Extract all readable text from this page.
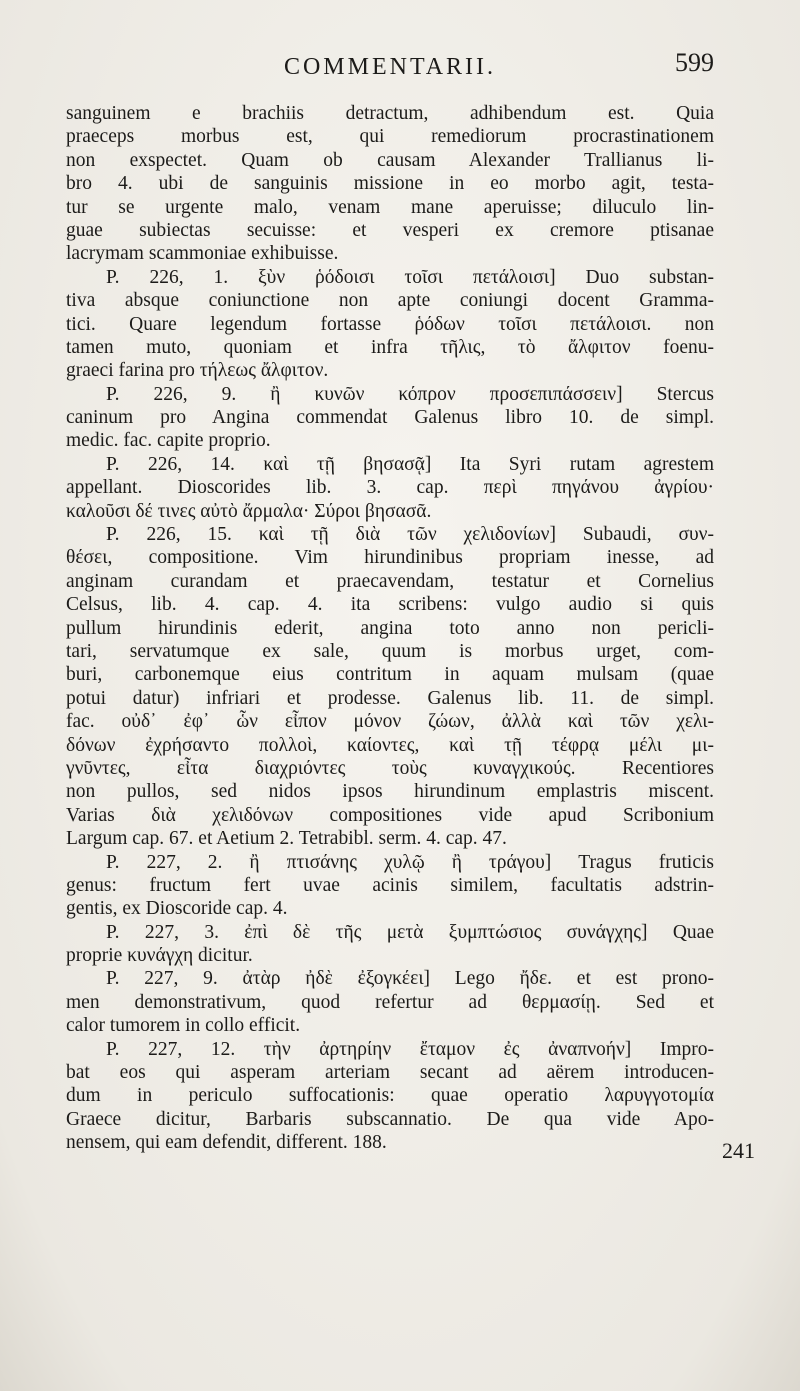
COMMENTARII.	599
sanguinem e brachiis detractum, adhibendum est. Quia
praeceps morbus est, qui remediorum procrastinationem
non exspectet. Quam ob causam Alexander Trallianus li-
bro 4. ubi de sanguinis missione in eo morbo agit, testa-
tur se urgente malo, venam mane aperuisse; diluculo lin-
guae subiectas secuisse: et vesperi ex cremore ptisanae
lacrymam scammoniae exhibuisse.
P. 226, 1. ξὺν ῥόδοισι τοῖσι πετάλοισι] Duo substan-
tiva absque coniunctione non apte coniungi docent Gramma-
tici. Quare legendum fortasse ῥόδων τοῖσι πετάλοισι. non
tamen muto, quoniam et infra τῆλις, τὸ ἄλφιτον foenu-
graeci farina pro τήλεως ἄλφιτον.
P. 226, 9. ἢ κυνῶν κόπρον προσεπιπάσσειν] Stercus
caninum pro Angina commendat Galenus libro 10. de simpl.
medic. fac. capite proprio.
P. 226, 14. καὶ τῇ βησασᾷ] Ita Syri rutam agrestem
appellant. Dioscorides lib. 3. cap. περὶ πηγάνου ἀγρίου·
καλοῦσι δέ τινες αὐτὸ ἄρμαλα· Σύροι βησασᾶ.
P. 226, 15. καὶ τῇ διὰ τῶν χελιδονίων] Subaudi, συν-
θέσει, compositione. Vim hirundinibus propriam inesse, ad
anginam curandam et praecavendam, testatur et Cornelius
Celsus, lib. 4. cap. 4. ita scribens: vulgo audio si quis
pullum hirundinis ederit, angina toto anno non pericli-
tari, servatumque ex sale, quum is morbus urget, com-
buri, carbonemque eius contritum in aquam mulsam (quae
potui datur) infriari et prodesse. Galenus lib. 11. de simpl.
fac. οὐδ᾽ ἐφ᾽ ὧν εἶπον μόνον ζώων, ἀλλὰ καὶ τῶν χελι-
δόνων ἐχρήσαντο πολλοὶ, καίοντες, καὶ τῇ τέφρᾳ μέλι μι-
γνῦντες, εἶτα διαχριόντες τοὺς κυναγχικούς. Recentiores
non pullos, sed nidos ipsos hirundinum emplastris miscent.
Varias διὰ χελιδόνων compositiones vide apud Scribonium
Largum cap. 67. et Aetium 2. Tetrabibl. serm. 4. cap. 47.
P. 227, 2. ἢ πτισάνης χυλῷ ἢ τράγου] Tragus fruticis
genus: fructum fert uvae acinis similem, facultatis adstrin-
gentis, ex Dioscoride cap. 4.
P. 227, 3. ἐπὶ δὲ τῆς μετὰ ξυμπτώσιος συνάγχης] Quae
proprie κυνάγχη dicitur.
P. 227, 9. ἀτὰρ ἠδὲ ἐξογκέει] Lego ἤδε. et est prono-
men demonstrativum, quod refertur ad θερμασίῃ. Sed et
calor tumorem in collo efficit.
P. 227, 12. τὴν ἀρτηρίην ἔταμον ἐς ἀναπνοήν] Impro-
bat eos qui asperam arteriam secant ad aërem introducen-
dum in periculo suffocationis: quae operatio λαρυγγοτομία
Graece dicitur, Barbaris subscannatio. De qua vide Apo-
nensem, qui eam defendit, different. 188.	241
